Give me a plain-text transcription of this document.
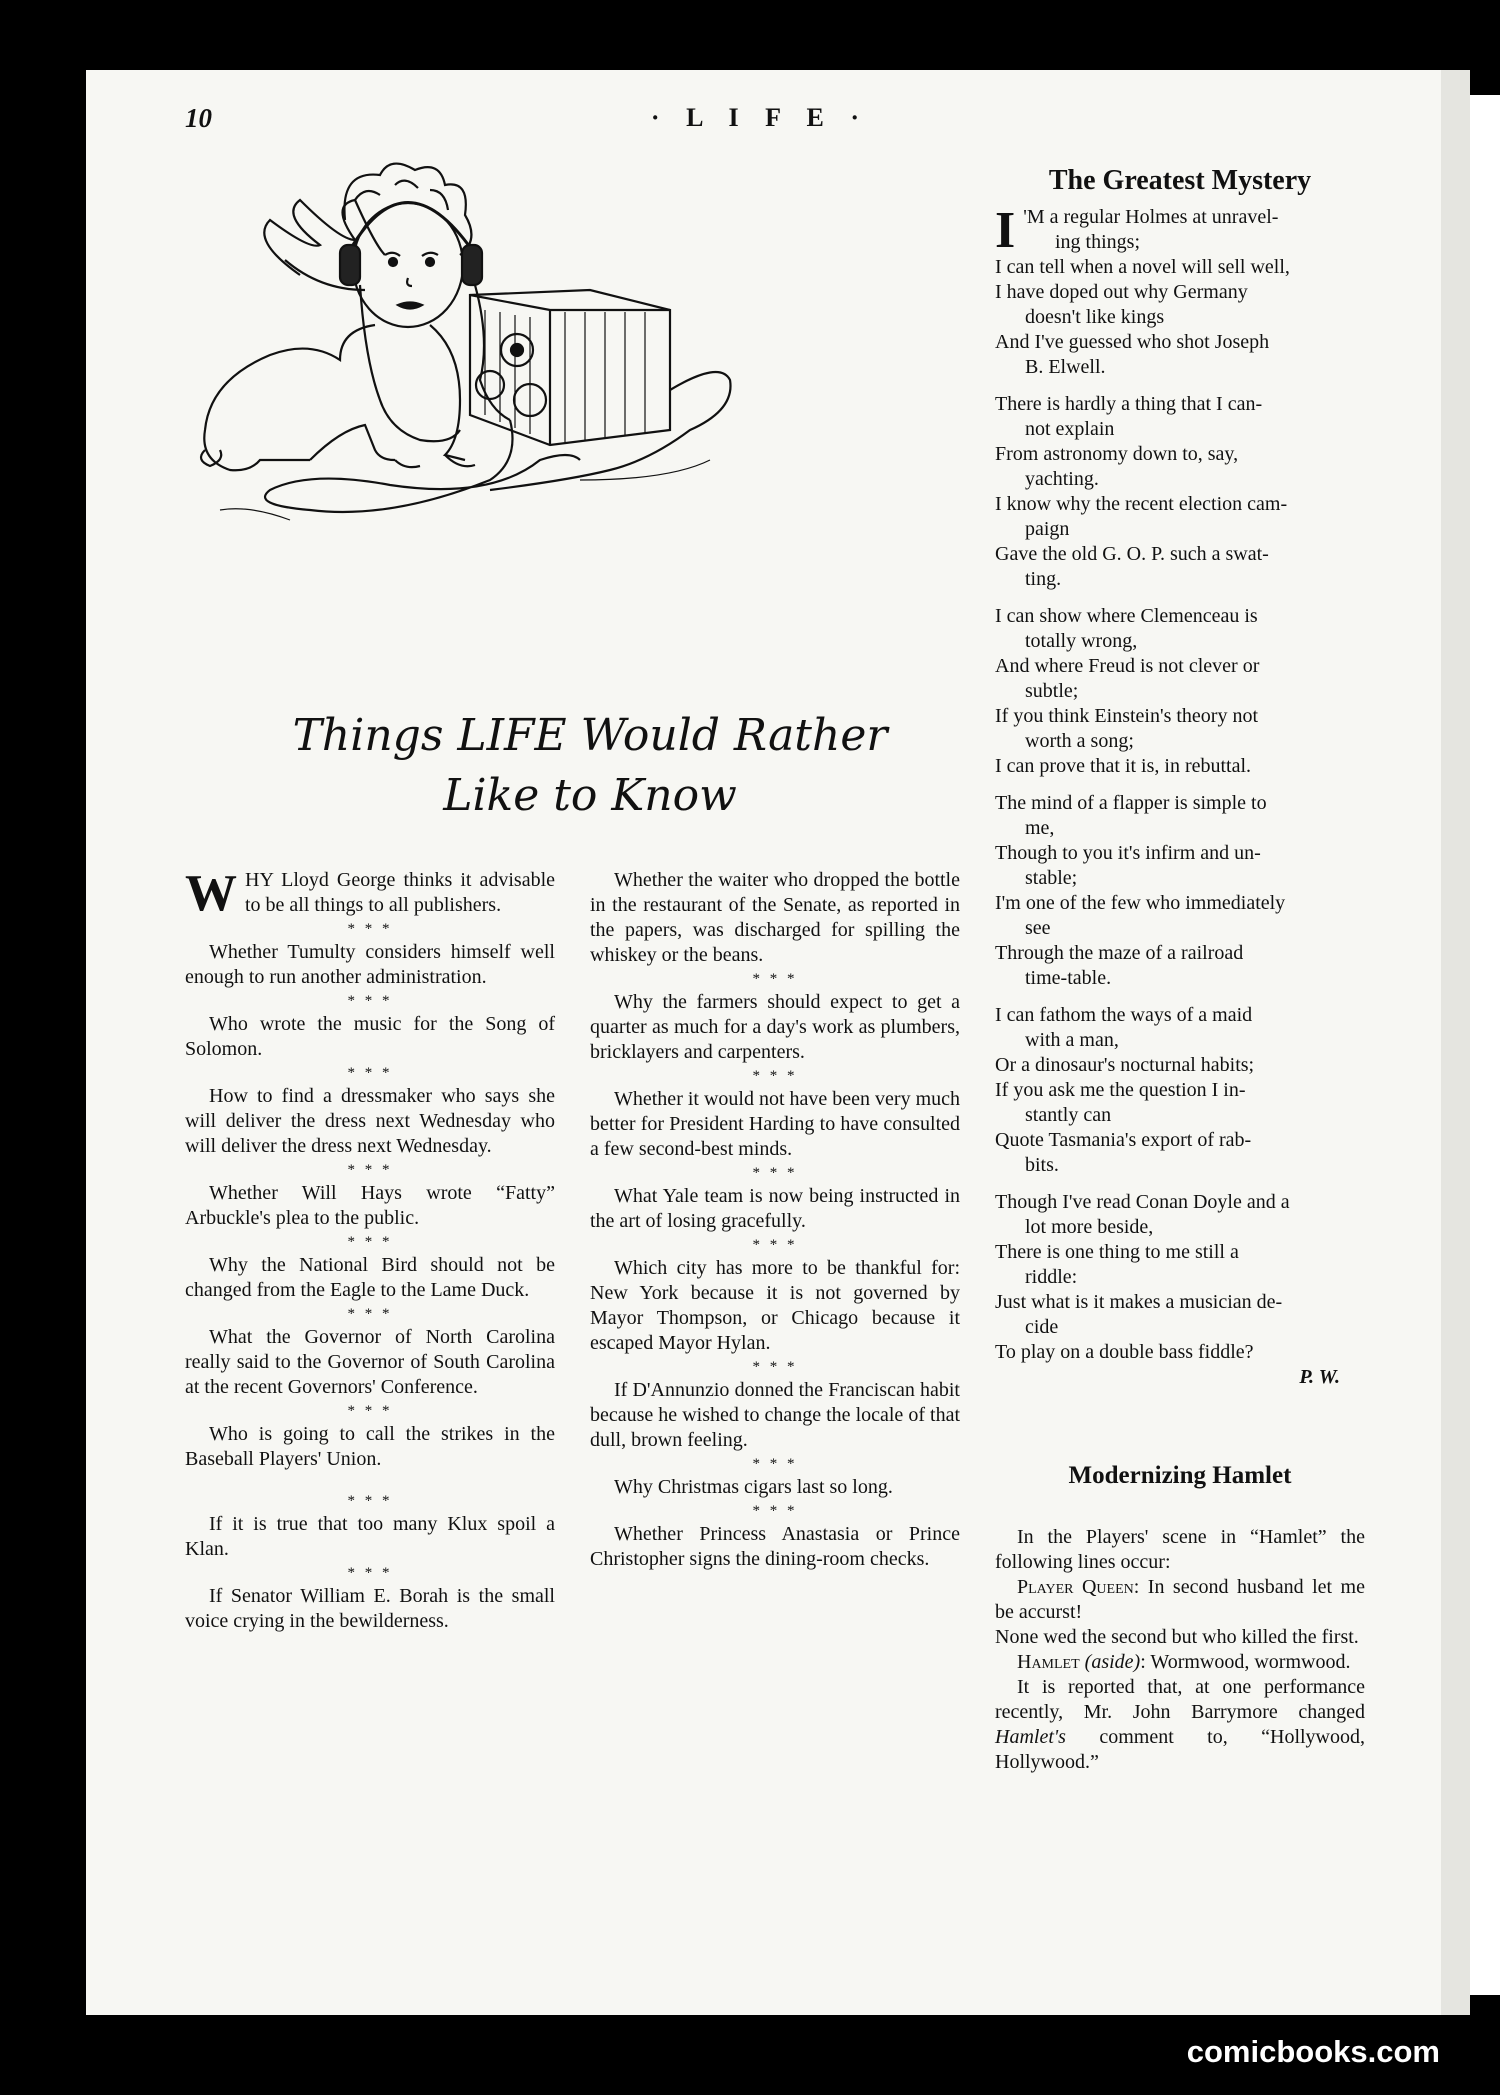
10	· L I F E ·
Things LIFE Would Rather
Like to Know

WHY Lloyd George thinks it advisable to be all things to all publishers.

* * *

Whether Tumulty considers himself well enough to run another administration.

* * *

Who wrote the music for the Song of Solomon.

* * *

How to find a dressmaker who says she will deliver the dress next Wednesday who will deliver the dress next Wednesday.

* * *

Whether Will Hays wrote “Fatty” Arbuckle's plea to the public.

* * *

Why the National Bird should not be changed from the Eagle to the Lame Duck.

* * *

What the Governor of North Carolina really said to the Governor of South Carolina at the recent Governors' Conference.

* * *

Who is going to call the strikes in the Baseball Players' Union.

* * *

If it is true that too many Klux spoil a Klan.

* * *

If Senator William E. Borah is the small voice crying in the bewilderness.

Whether the waiter who dropped the bottle in the restaurant of the Senate, as reported in the papers, was discharged for spilling the whiskey or the beans.

* * *

Why the farmers should expect to get a quarter as much for a day's work as plumbers, bricklayers and carpenters.

* * *

Whether it would not have been very much better for President Harding to have consulted a few second-best minds.

* * *

What Yale team is now being instructed in the art of losing gracefully.

* * *

Which city has more to be thankful for: New York because it is not governed by Mayor Thompson, or Chicago because it escaped Mayor Hylan.

* * *

If D'Annunzio donned the Franciscan habit because he wished to change the locale of that dull, brown feeling.

* * *

Why Christmas cigars last so long.

* * *

Whether Princess Anastasia or Prince Christopher signs the dining-room checks.

The Greatest Mystery
I 'M a regular Holmes at unravel-
ing things;
I can tell when a novel will sell well,
I have doped out why Germany
doesn't like kings
And I've guessed who shot Joseph
B. Elwell.
There is hardly a thing that I can-
not explain
From astronomy down to, say,
yachting.
I know why the recent election cam-
paign
Gave the old G. O. P. such a swat-
ting.
I can show where Clemenceau is
totally wrong,
And where Freud is not clever or
subtle;
If you think Einstein's theory not
worth a song;
I can prove that it is, in rebuttal.
The mind of a flapper is simple to
me,
Though to you it's infirm and un-
stable;
I'm one of the few who immediately
see
Through the maze of a railroad
time-table.
I can fathom the ways of a maid
with a man,
Or a dinosaur's nocturnal habits;
If you ask me the question I in-
stantly can
Quote Tasmania's export of rab-
bits.
Though I've read Conan Doyle and a
lot more beside,
There is one thing to me still a
riddle:
Just what is it makes a musician de-
cide
To play on a double bass fiddle?
P. W.
Modernizing Hamlet

In the Players' scene in “Hamlet” the following lines occur:

Player Queen: In second husband let me be accurst!

None wed the second but who killed the first.

Hamlet (aside): Wormwood, wormwood.

It is reported that, at one performance recently, Mr. John Barrymore changed Hamlet's comment to, “Hollywood, Hollywood.”

comicbooks.com
